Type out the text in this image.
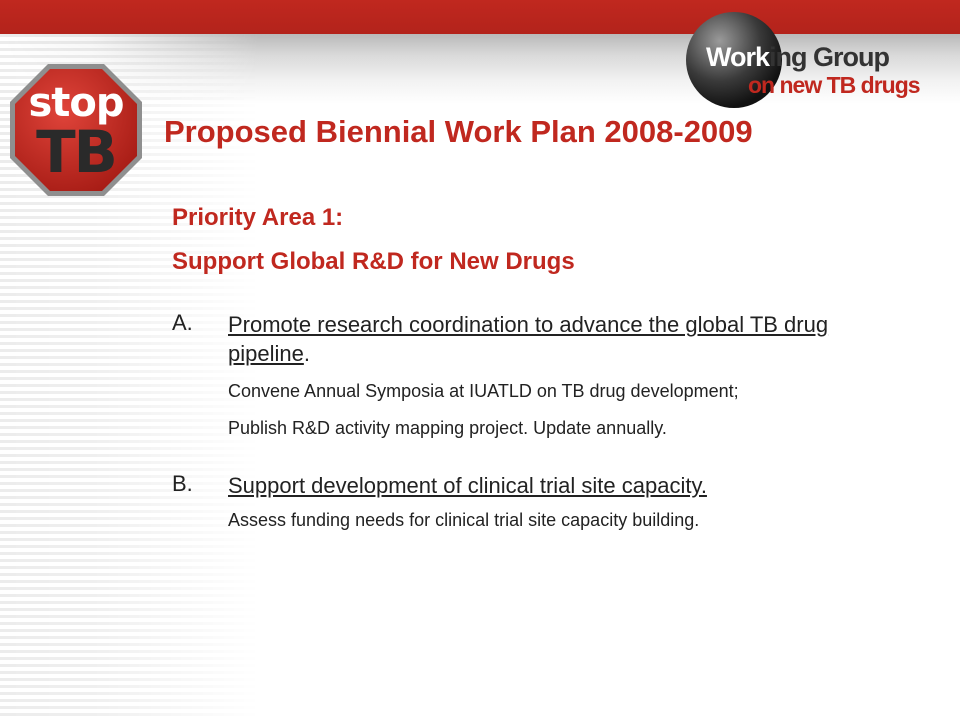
stop
TB
Working Group
on new TB drugs
Proposed Biennial Work Plan 2008-2009
Priority Area 1:
Support Global R&D for New Drugs
A. Promote research coordination to advance the global TB drug pipeline.
Convene Annual Symposia at IUATLD on TB drug development;
Publish R&D activity mapping project. Update annually.
B. Support development of clinical trial site capacity.
Assess funding needs for clinical trial site capacity building.
